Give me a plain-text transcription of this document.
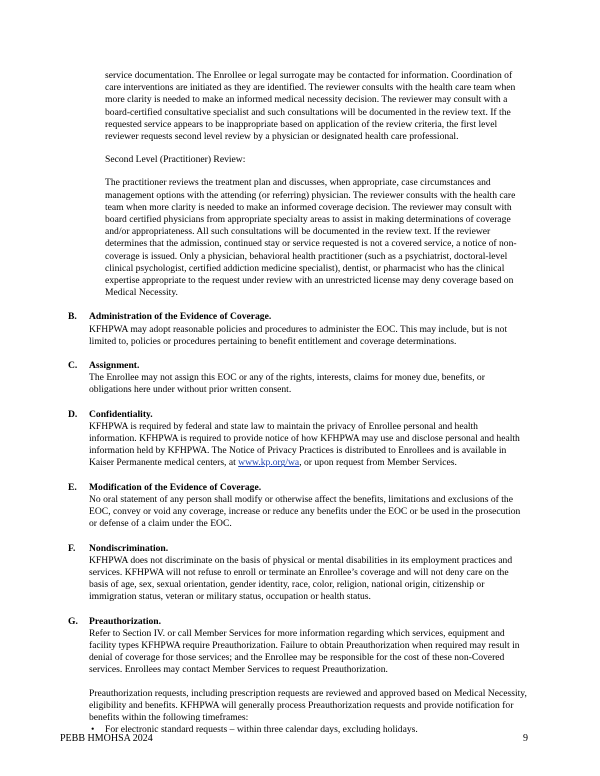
service documentation. The Enrollee or legal surrogate may be contacted for information. Coordination of care interventions are initiated as they are identified. The reviewer consults with the health care team when more clarity is needed to make an informed medical necessity decision. The reviewer may consult with a board-certified consultative specialist and such consultations will be documented in the review text. If the requested service appears to be inappropriate based on application of the review criteria, the first level reviewer requests second level review by a physician or designated health care professional.

Second Level (Practitioner) Review:

The practitioner reviews the treatment plan and discusses, when appropriate, case circumstances and management options with the attending (or referring) physician. The reviewer consults with the health care team when more clarity is needed to make an informed coverage decision. The reviewer may consult with board certified physicians from appropriate specialty areas to assist in making determinations of coverage and/or appropriateness. All such consultations will be documented in the review text. If the reviewer determines that the admission, continued stay or service requested is not a covered service, a notice of non-coverage is issued. Only a physician, behavioral health practitioner (such as a psychiatrist, doctoral-level clinical psychologist, certified addiction medicine specialist), dentist, or pharmacist who has the clinical expertise appropriate to the request under review with an unrestricted license may deny coverage based on Medical Necessity.

B. Administration of the Evidence of Coverage.

KFHPWA may adopt reasonable policies and procedures to administer the EOC. This may include, but is not limited to, policies or procedures pertaining to benefit entitlement and coverage determinations.

C. Assignment.

The Enrollee may not assign this EOC or any of the rights, interests, claims for money due, benefits, or obligations here under without prior written consent.

D. Confidentiality.

KFHPWA is required by federal and state law to maintain the privacy of Enrollee personal and health information. KFHPWA is required to provide notice of how KFHPWA may use and disclose personal and health information held by KFHPWA. The Notice of Privacy Practices is distributed to Enrollees and is available in Kaiser Permanente medical centers, at www.kp.org/wa, or upon request from Member Services.

E. Modification of the Evidence of Coverage.

No oral statement of any person shall modify or otherwise affect the benefits, limitations and exclusions of the EOC, convey or void any coverage, increase or reduce any benefits under the EOC or be used in the prosecution or defense of a claim under the EOC.

F. Nondiscrimination.

KFHPWA does not discriminate on the basis of physical or mental disabilities in its employment practices and services. KFHPWA will not refuse to enroll or terminate an Enrollee’s coverage and will not deny care on the basis of age, sex, sexual orientation, gender identity, race, color, religion, national origin, citizenship or immigration status, veteran or military status, occupation or health status.

G. Preauthorization.

Refer to Section IV. or call Member Services for more information regarding which services, equipment and facility types KFHPWA require Preauthorization. Failure to obtain Preauthorization when required may result in denial of coverage for those services; and the Enrollee may be responsible for the cost of these non-Covered services. Enrollees may contact Member Services to request Preauthorization.

Preauthorization requests, including prescription requests are reviewed and approved based on Medical Necessity, eligibility and benefits. KFHPWA will generally process Preauthorization requests and provide notification for benefits within the following timeframes:

• For electronic standard requests – within three calendar days, excluding holidays.
PEBB HMOHSA 2024	9
